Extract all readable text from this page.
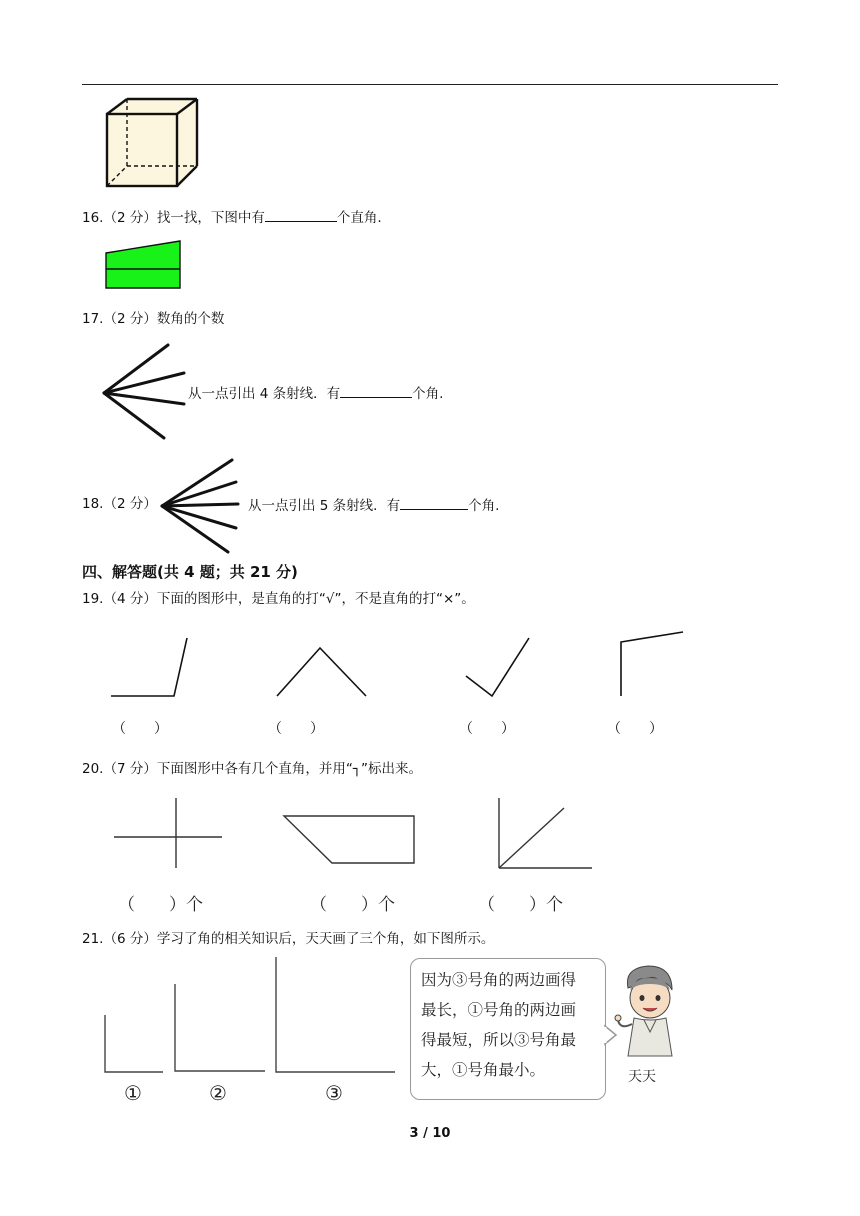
16.（2 分）找一找，下图中有	个直角.
17.（2 分）数角的个数
从一点引出 4 条射线．有	个角.
18.（2 分）	从一点引出 5 条射线．有	个角.
四、解答题(共 4 题；共 21 分)
19.（4 分）下面的图形中，是直角的打“√”，不是直角的打“×”。
（　　）	（　　）	（　　）	（　　）
20.（7 分）下面图形中各有几个直角，并用“┐”标出来。
（　　）个	（　　）个	（　　）个
21.（6 分）学习了角的相关知识后，天天画了三个角，如下图所示。
①	②	③
因为③号角的两边画得
最长，①号角的两边画
得最短，所以③号角最
大，①号角最小。	天天
3 / 10
